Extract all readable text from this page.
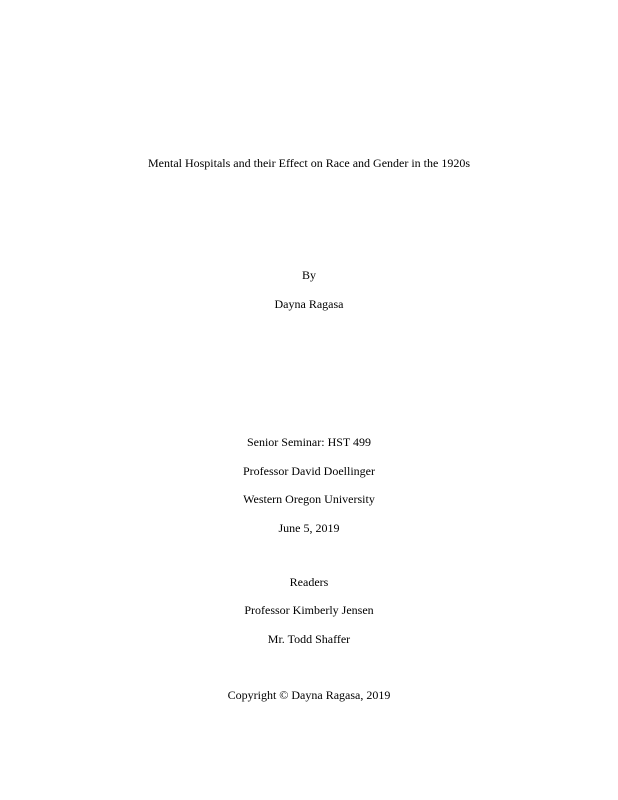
Mental Hospitals and their Effect on Race and Gender in the 1920s
By
Dayna Ragasa
Senior Seminar: HST 499
Professor David Doellinger
Western Oregon University
June 5, 2019
Readers
Professor Kimberly Jensen
Mr. Todd Shaffer
Copyright © Dayna Ragasa, 2019
